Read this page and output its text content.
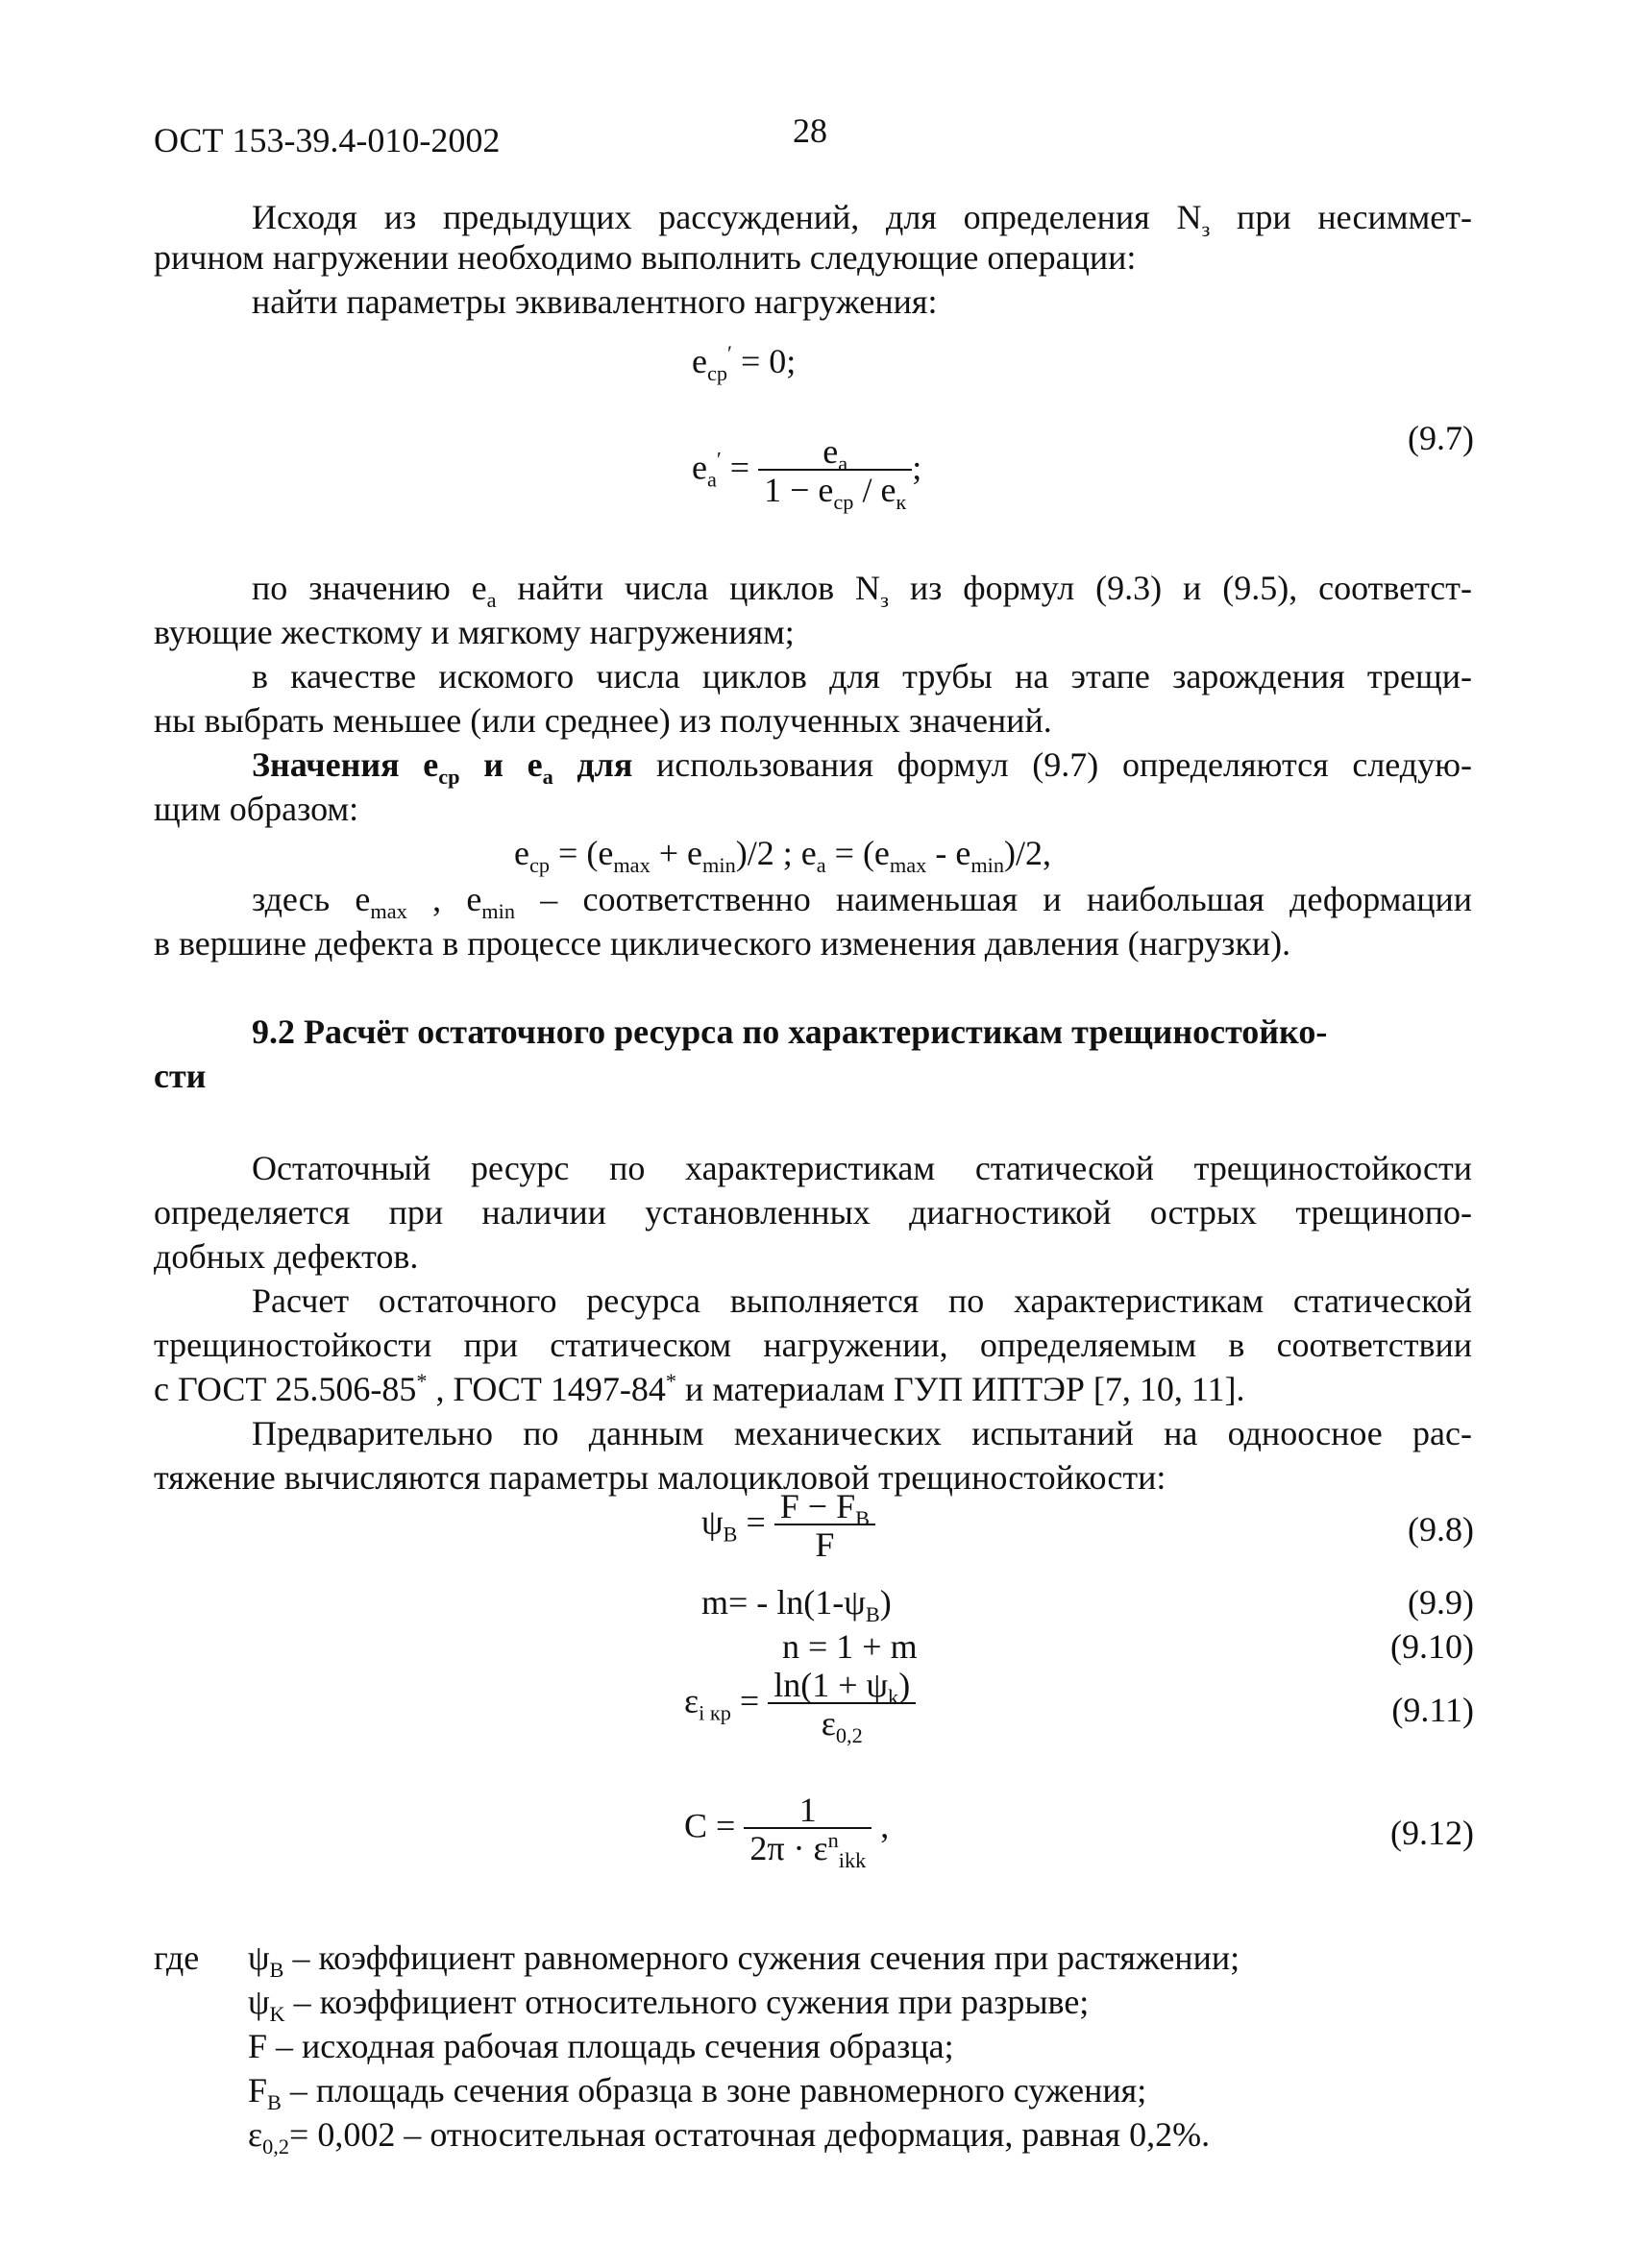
ОСТ 153-39.4-010-2002	28
Исходя из предыдущих рассуждений, для определения $N_з$ при несиммет-
ричном нагружении необходимо выполнить следующие операции:
найти параметры эквивалентного нагружения:
$e_{ср}' = 0$;
$e_a' = \frac{e_a}{1 - e_{ср} / e_к}$ ;
(9.7)
по значению $e_a$ найти числа циклов $N_з$ из формул (9.3) и (9.5), соответст-
вующие жесткому и мягкому нагружениям;
в качестве искомого числа циклов для трубы на этапе зарождения трещи-
ны выбрать меньшее (или среднее) из полученных значений.
Значения $e_{ср}$ и $e_a$ для использования формул (9.7) определяются следую-
щим образом:
$e_{ср} = (e_{max} + e_{min})/2$ ; $e_a = (e_{max} - e_{min})/2$,
здесь $e_{max}$ , $e_{min}$ – соответственно наименьшая и наибольшая деформации
в вершине дефекта в процессе циклического изменения давления (нагрузки).
9.2 Расчёт остаточного ресурса по характеристикам трещиностойко-
сти
Остаточный ресурс по характеристикам статической трещиностойкости
определяется при наличии установленных диагностикой острых трещинопо-
добных дефектов.
Расчет остаточного ресурса выполняется по характеристикам статической
трещиностойкости при статическом нагружении, определяемым в соответствии
с ГОСТ 25.506-85* , ГОСТ 1497-84* и материалам ГУП ИПТЭР [7, 10, 11].
Предварительно по данным механических испытаний на одноосное рас-
тяжение вычисляются параметры малоцикловой трещиностойкости:
$\psi_B = \frac{F - F_B}{F}$	(9.8)
$m= - \ln(1-\psi_B)$	(9.9)
n = 1 + m	(9.10)
$\varepsilon_{i кр} = \frac{\ln(1 + \psi_k)}{\varepsilon_{0,2}}$	(9.11)
$C = \frac{1}{2\pi \cdot \varepsilon^n_{ikk}}$ ,	(9.12)
где $\psi_B$ – коэффициент равномерного сужения сечения при растяжении;
$\psi_K$ – коэффициент относительного сужения при разрыве;
F – исходная рабочая площадь сечения образца;
$F_B$ – площадь сечения образца в зоне равномерного сужения;
$\varepsilon_{0,2}= 0,002$ – относительная остаточная деформация, равная 0,2%.
